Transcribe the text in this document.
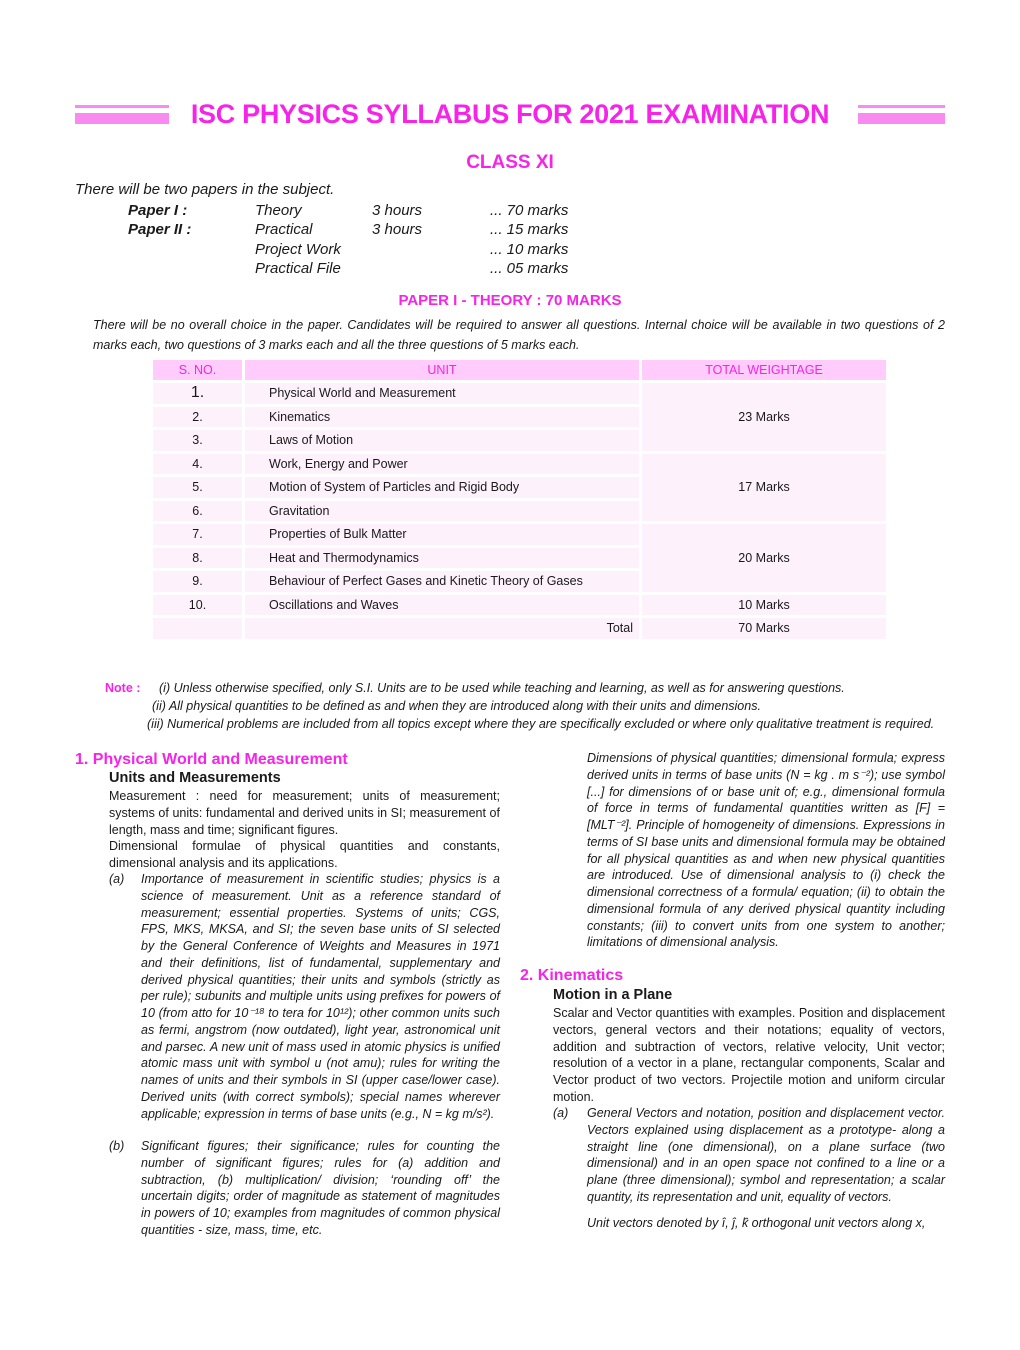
ISC PHYSICS SYLLABUS FOR 2021 EXAMINATION
CLASS XI
There will be two papers in the subject.
Paper I :	Theory	3 hours	... 70 marks
Paper II :	Practical	3 hours	... 15 marks
Project Work	... 10 marks
Practical File	... 05 marks
PAPER I - THEORY : 70 MARKS
There will be no overall choice in the paper. Candidates will be required to answer all questions. Internal choice will be available in two questions of 2 marks each, two questions of 3 marks each and all the three questions of 5 marks each.
S. NO.	UNIT	TOTAL WEIGHTAGE
1.	Physical World and Measurement	23 Marks
2.	Kinematics	
3.	Laws of Motion	
4.	Work, Energy and Power	17 Marks
5.	Motion of System of Particles and Rigid Body	
6.	Gravitation	
7.	Properties of Bulk Matter	20 Marks
8.	Heat and Thermodynamics	
9.	Behaviour of Perfect Gases and Kinetic Theory of Gases	
10.	Oscillations and Waves	10 Marks
	Total	70 Marks
Note : (i) Unless otherwise specified, only S.I. Units are to be used while teaching and learning, as well as for answering questions.
(ii) All physical quantities to be defined as and when they are introduced along with their units and dimensions.
(iii) Numerical problems are included from all topics except where they are specifically excluded or where only qualitative treatment is required.
1. Physical World and Measurement
Units and Measurements
Measurement : need for measurement; units of measurement; systems of units: fundamental and derived units in SI; measurement of length, mass and time; significant figures.
Dimensional formulae of physical quantities and constants, dimensional analysis and its applications.
(a) Importance of measurement in scientific studies; physics is a science of measurement. Unit as a reference standard of measurement; essential properties. Systems of units; CGS, FPS, MKS, MKSA, and SI; the seven base units of SI selected by the General Conference of Weights and Measures in 1971 and their definitions, list of fundamental, supplementary and derived physical quantities; their units and symbols (strictly as per rule); subunits and multiple units using prefixes for powers of 10 (from atto for 10⁻¹⁸ to tera for 10¹²); other common units such as fermi, angstrom (now outdated), light year, astronomical unit and parsec. A new unit of mass used in atomic physics is unified atomic mass unit with symbol u (not amu); rules for writing the names of units and their symbols in SI (upper case/lower case). Derived units (with correct symbols); special names wherever applicable; expression in terms of base units (e.g., N = kg m/s²).
(b) Significant figures; their significance; rules for counting the number of significant figures; rules for (a) addition and subtraction, (b) multiplication/ division; ‘rounding off’ the uncertain digits; order of magnitude as statement of magnitudes in powers of 10; examples from magnitudes of common physical quantities - size, mass, time, etc.
Dimensions of physical quantities; dimensional formula; express derived units in terms of base units (N = kg . m s⁻²); use symbol [...] for dimensions of or base unit of; e.g., dimensional formula of force in terms of fundamental quantities written as [F] = [MLT⁻²]. Principle of homogeneity of dimensions. Expressions in terms of SI base units and dimensional formula may be obtained for all physical quantities as and when new physical quantities are introduced. Use of dimensional analysis to (i) check the dimensional correctness of a formula/ equation; (ii) to obtain the dimensional formula of any derived physical quantity including constants; (iii) to convert units from one system to another; limitations of dimensional analysis.
2. Kinematics
Motion in a Plane
Scalar and Vector quantities with examples. Position and displacement vectors, general vectors and their notations; equality of vectors, addition and subtraction of vectors, relative velocity, Unit vector; resolution of a vector in a plane, rectangular components, Scalar and Vector product of two vectors. Projectile motion and uniform circular motion.
(a) General Vectors and notation, position and displacement vector. Vectors explained using displacement as a prototype- along a straight line (one dimensional), on a plane surface (two dimensional) and in an open space not confined to a line or a plane (three dimensional); symbol and representation; a scalar quantity, its representation and unit, equality of vectors.
Unit vectors denoted by î, ĵ, k̂ orthogonal unit vectors along x,
